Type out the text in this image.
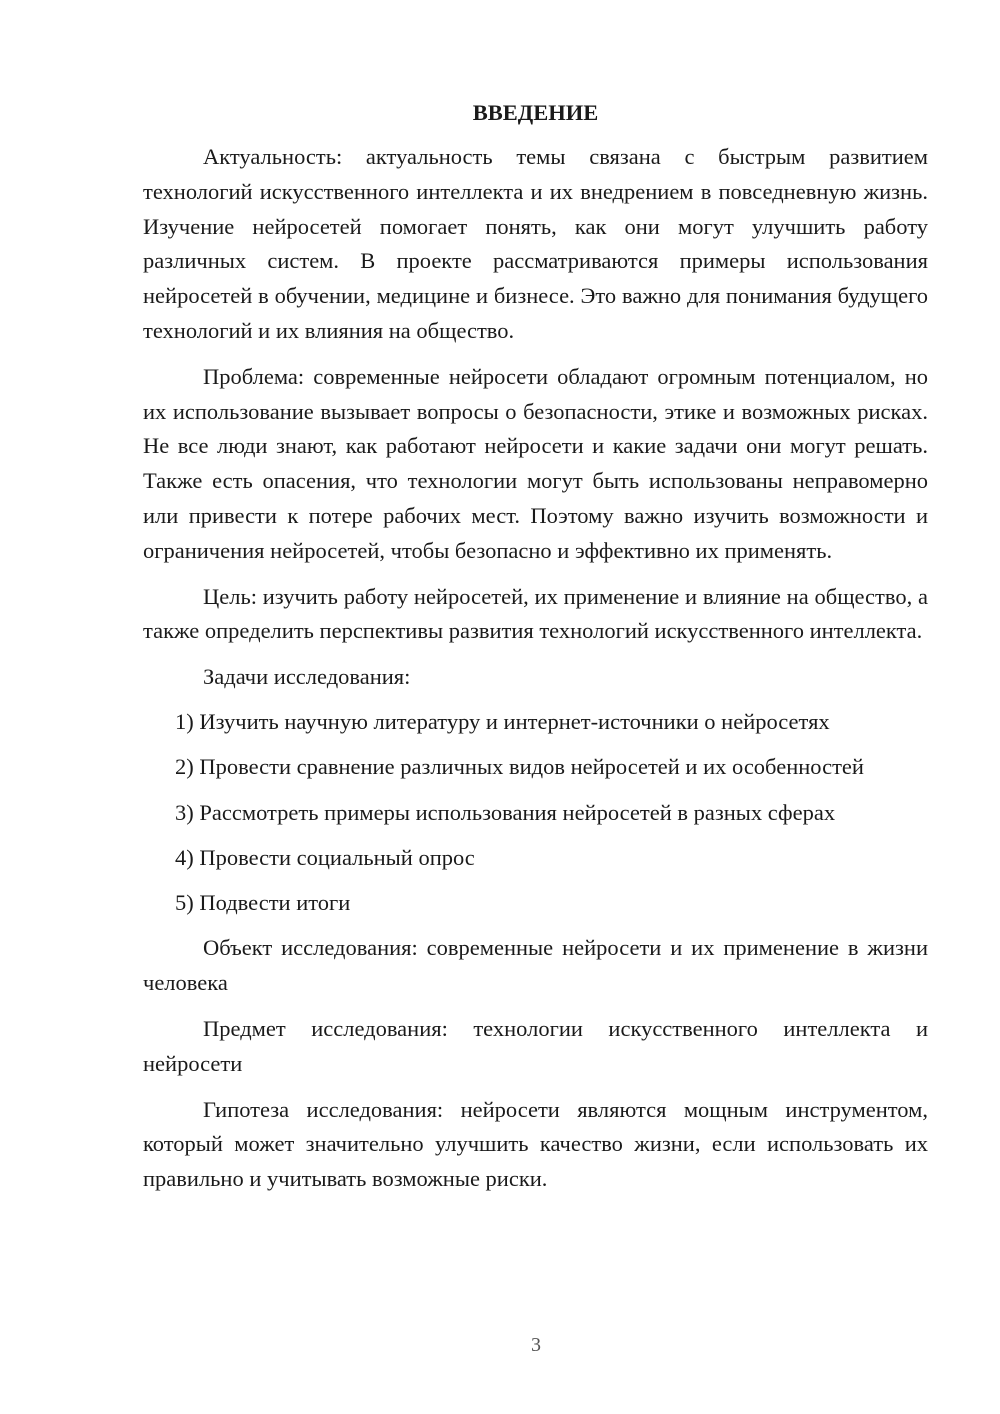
ВВЕДЕНИЕ

Актуальность: актуальность темы связана с быстрым развитием технологий искусственного интеллекта и их внедрением в повседневную жизнь. Изучение нейросетей помогает понять, как они могут улучшить работу различных систем. В проекте рассматриваются примеры использования нейросетей в обучении, медицине и бизнесе. Это важно для понимания будущего технологий и их влияния на общество.

Проблема: современные нейросети обладают огромным потенциалом, но их использование вызывает вопросы о безопасности, этике и возможных рисках. Не все люди знают, как работают нейросети и какие задачи они могут решать. Также есть опасения, что технологии могут быть использованы неправомерно или привести к потере рабочих мест. Поэтому важно изучить возможности и ограничения нейросетей, чтобы безопасно и эффективно их применять.

Цель: изучить работу нейросетей, их применение и влияние на общество, а также определить перспективы развития технологий искусственного интеллекта.

Задачи исследования:

1) Изучить научную литературу и интернет-источники о нейросетях
2) Провести сравнение различных видов нейросетей и их особенностей
3) Рассмотреть примеры использования нейросетей в разных сферах
4) Провести социальный опрос
5) Подвести итоги

Объект исследования: современные нейросети и их применение в жизни человека

Предмет исследования: технологии искусственного интеллекта и нейросети

Гипотеза исследования: нейросети являются мощным инструментом, который может значительно улучшить качество жизни, если использовать их правильно и учитывать возможные риски.

3
